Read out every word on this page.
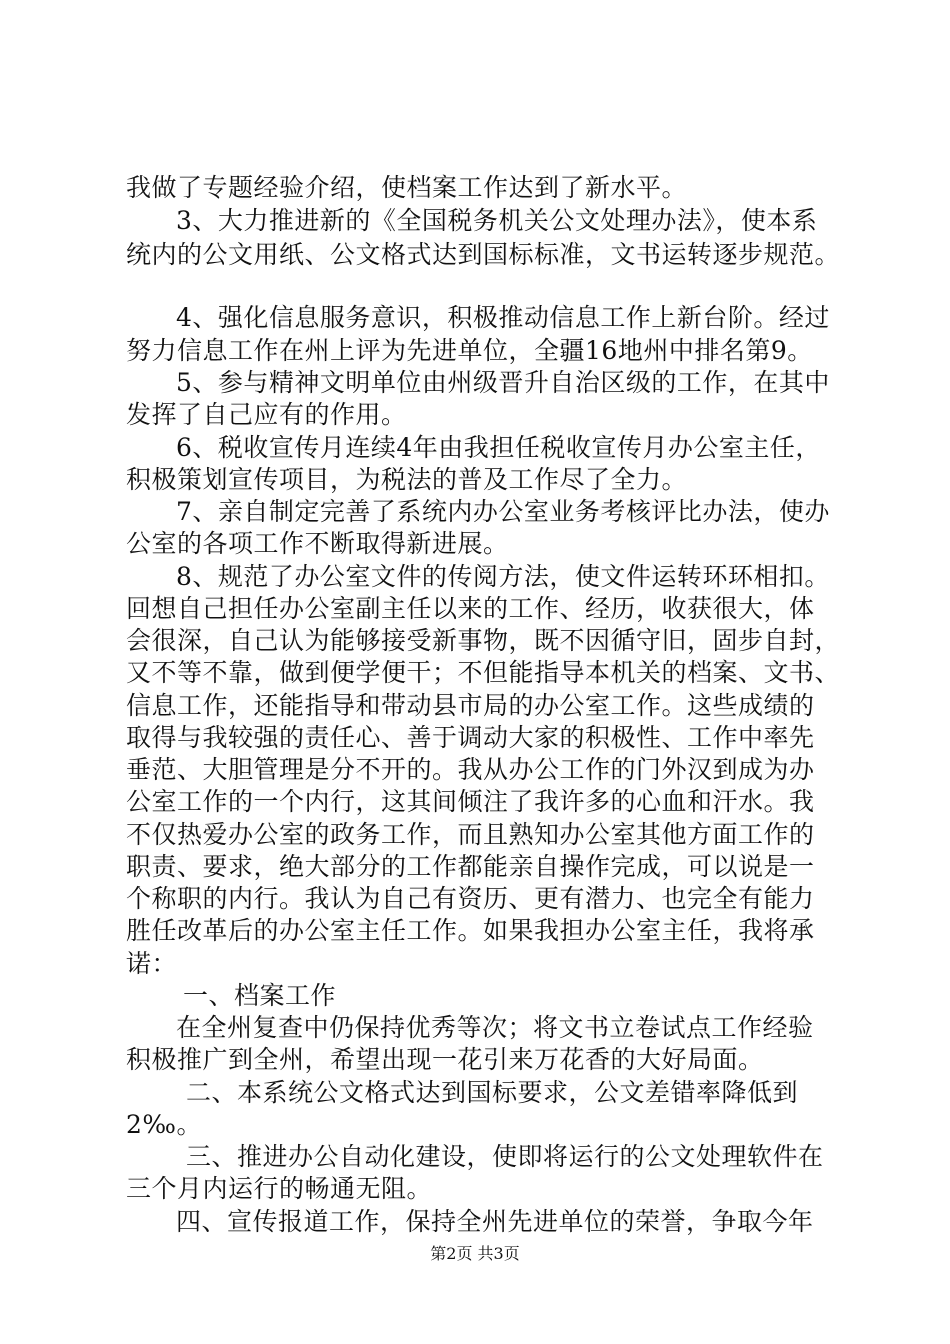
我做了专题经验介绍，使档案工作达到了新水平。
3、大力推进新的《全国税务机关公文处理办法》，使本系
统内的公文用纸、公文格式达到国标标准，文书运转逐步规范。
4、强化信息服务意识，积极推动信息工作上新台阶。经过
努力信息工作在州上评为先进单位，全疆16地州中排名第9。
5、参与精神文明单位由州级晋升自治区级的工作，在其中
发挥了自己应有的作用。
6、税收宣传月连续4年由我担任税收宣传月办公室主任，
积极策划宣传项目，为税法的普及工作尽了全力。
7、亲自制定完善了系统内办公室业务考核评比办法，使办
公室的各项工作不断取得新进展。
8、规范了办公室文件的传阅方法，使文件运转环环相扣。
回想自己担任办公室副主任以来的工作、经历，收获很大，体
会很深，自己认为能够接受新事物，既不因循守旧，固步自封，
又不等不靠，做到便学便干；不但能指导本机关的档案、文书、
信息工作，还能指导和带动县市局的办公室工作。这些成绩的
取得与我较强的责任心、善于调动大家的积极性、工作中率先
垂范、大胆管理是分不开的。我从办公工作的门外汉到成为办
公室工作的一个内行，这其间倾注了我许多的心血和汗水。我
不仅热爱办公室的政务工作，而且熟知办公室其他方面工作的
职责、要求，绝大部分的工作都能亲自操作完成，可以说是一
个称职的内行。我认为自己有资历、更有潜力、也完全有能力
胜任改革后的办公室主任工作。如果我担办公室主任，我将承
诺：
一、档案工作
在全州复查中仍保持优秀等次；将文书立卷试点工作经验
积极推广到全州，希望出现一花引来万花香的大好局面。
二、本系统公文格式达到国标要求，公文差错率降低到
2‰。
三、推进办公自动化建设，使即将运行的公文处理软件在
三个月内运行的畅通无阻。
四、宣传报道工作，保持全州先进单位的荣誉，争取今年
第2页 共3页
